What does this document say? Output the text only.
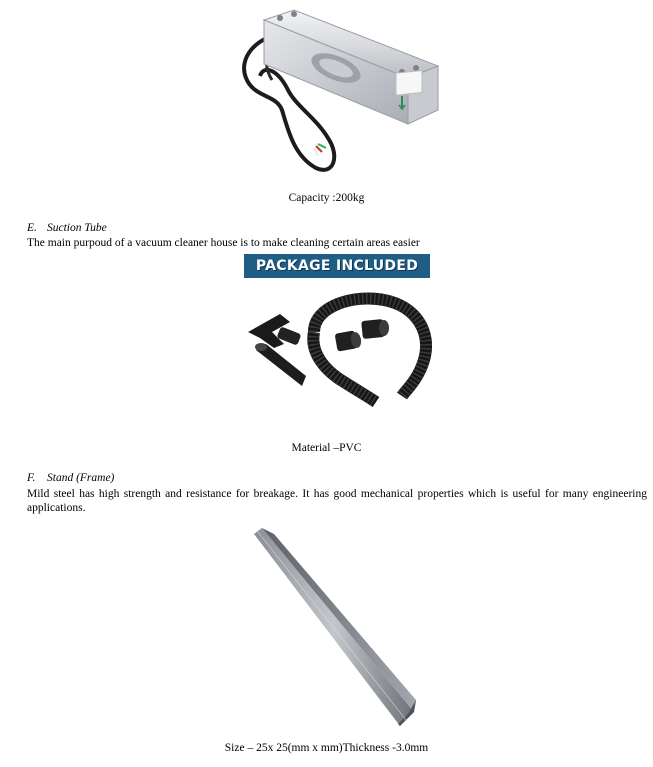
Capacity :200kg
E. Suction Tube
The main purpoud of a vacuum cleaner house is to make cleaning certain areas easier
PACKAGE INCLUDED
Material –PVC
F. Stand (Frame)
Mild steel has high strength and resistance for breakage. It has good mechanical properties which is useful for many engineering applications.
Size – 25x 25(mm x mm)Thickness -3.0mm
